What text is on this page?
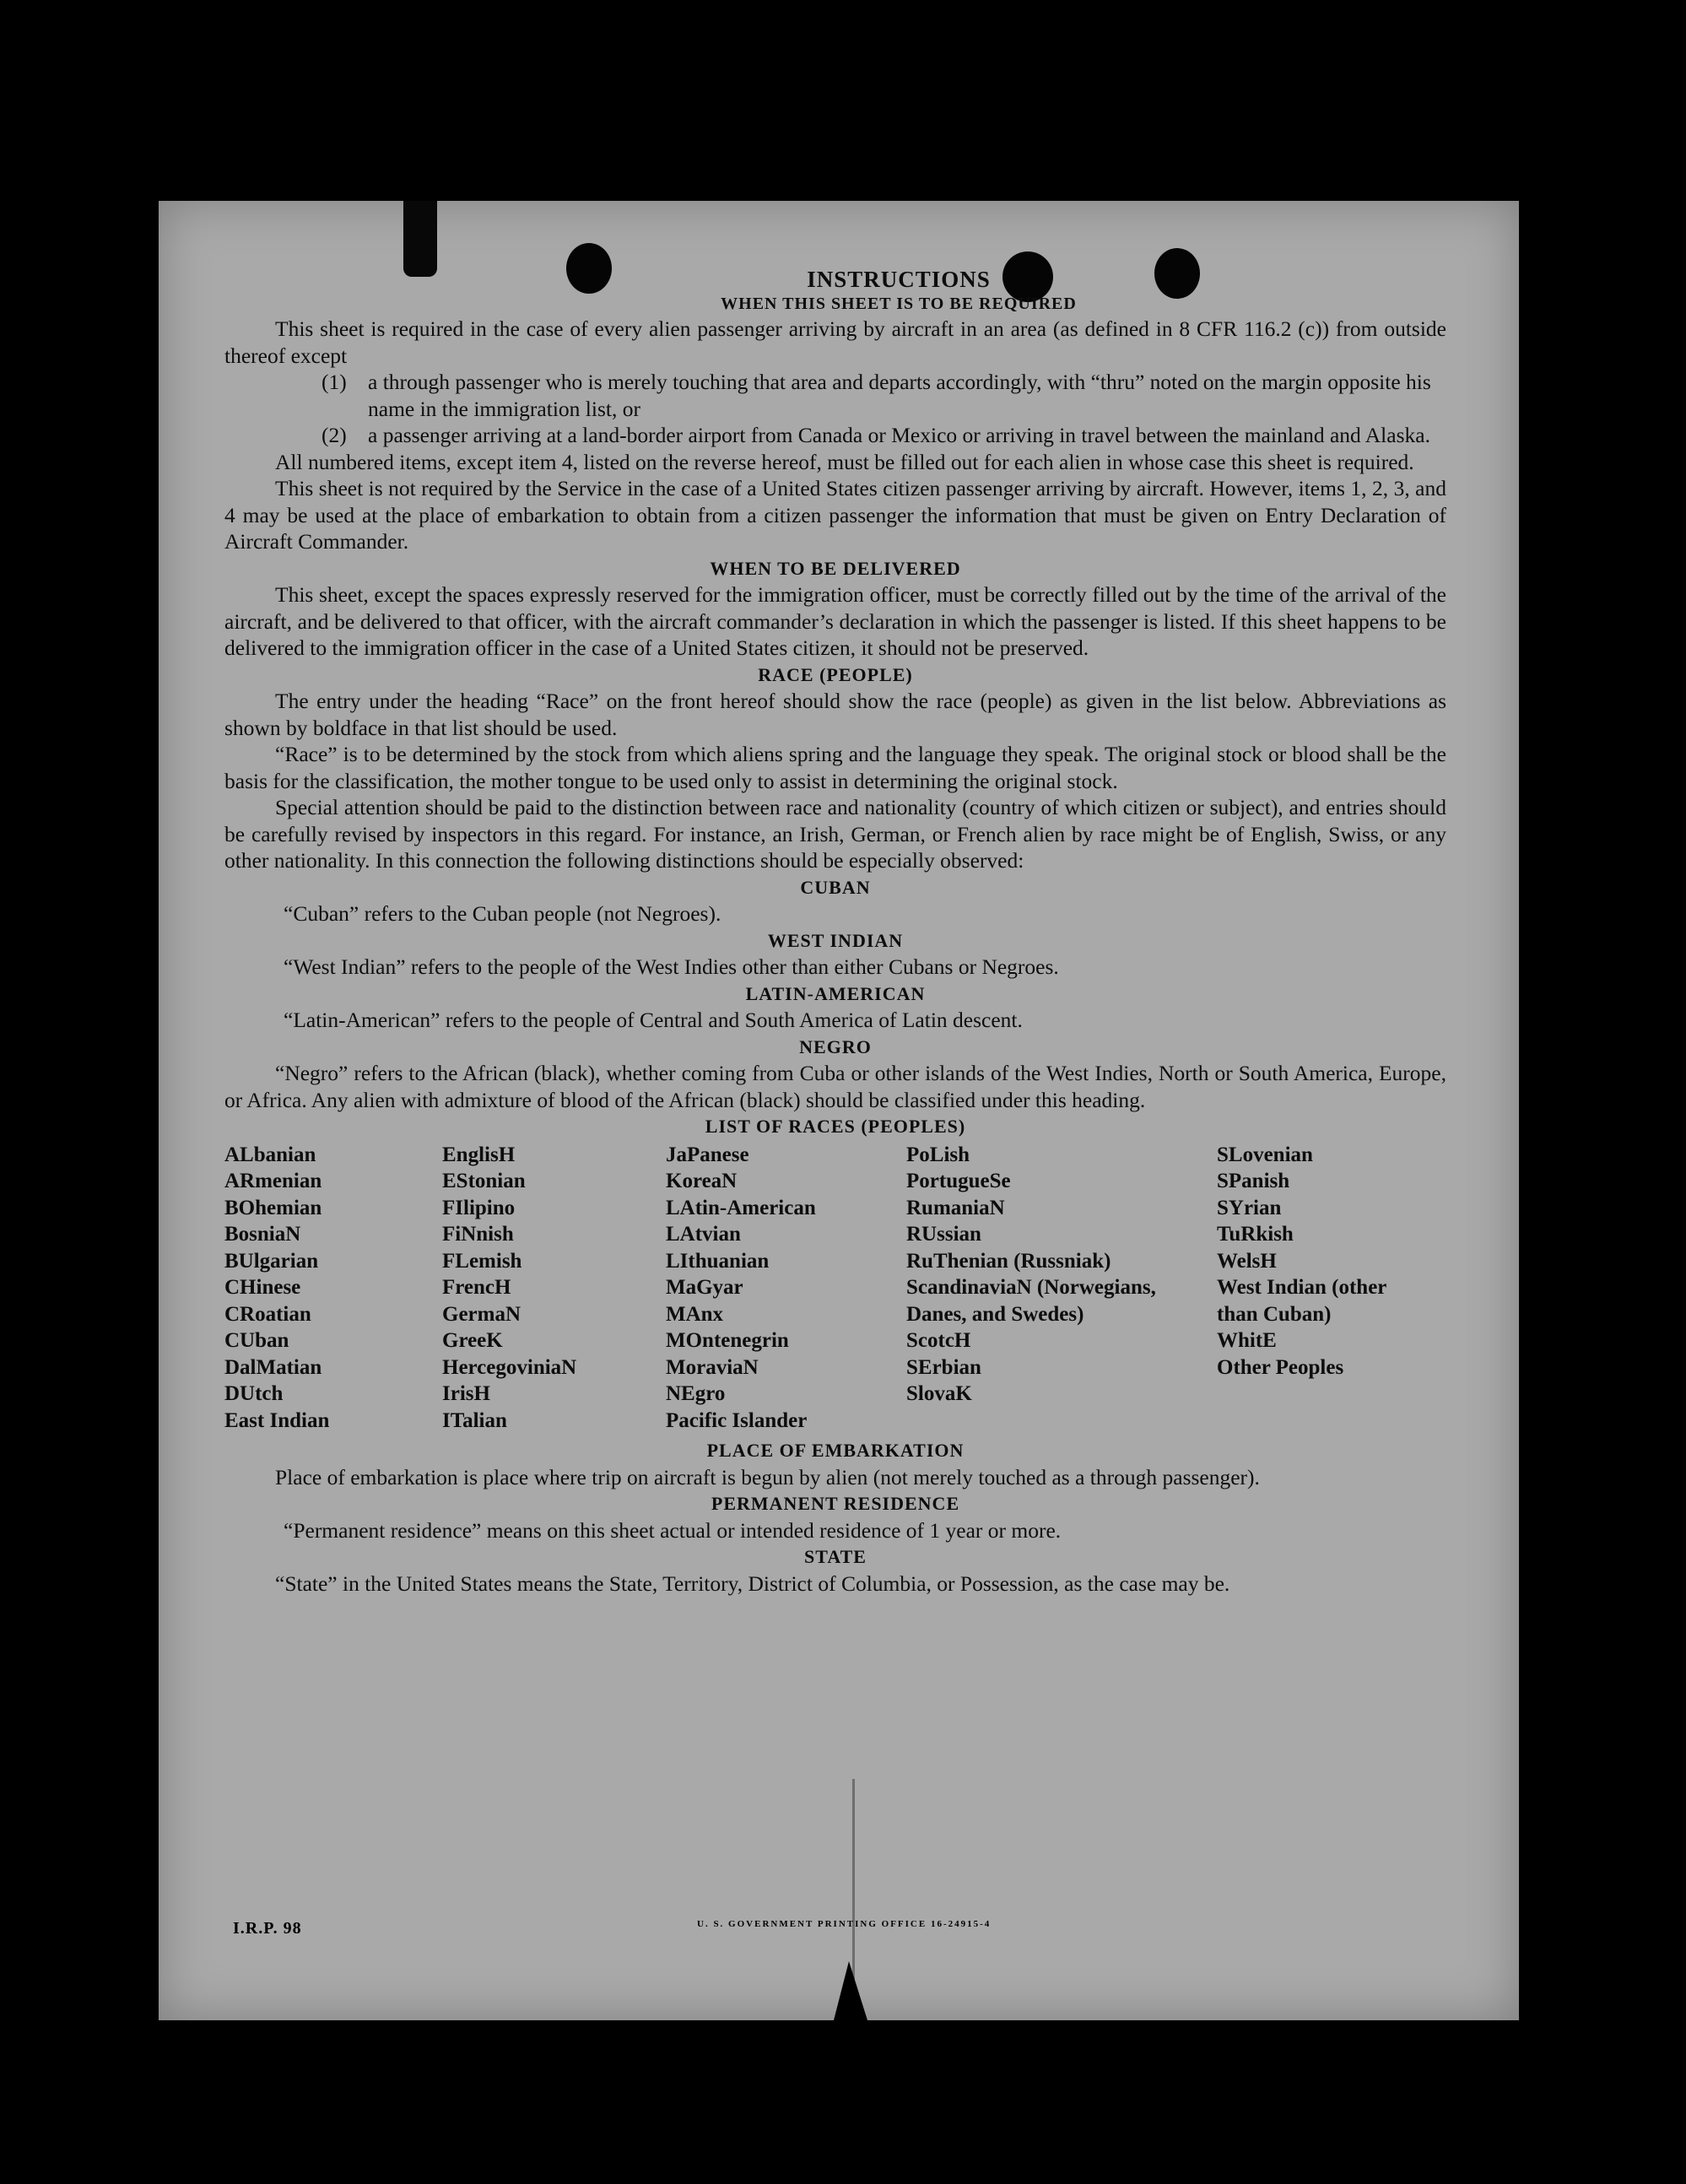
INSTRUCTIONS
WHEN THIS SHEET IS TO BE REQUIRED

This sheet is required in the case of every alien passenger arriving by aircraft in an area (as defined in 8 CFR 116.2 (c)) from outside thereof except

(1) a through passenger who is merely touching that area and departs accordingly, with “thru” noted on the margin opposite his name in the immigration list, or
(2) a passenger arriving at a land-border airport from Canada or Mexico or arriving in travel between the mainland and Alaska.

All numbered items, except item 4, listed on the reverse hereof, must be filled out for each alien in whose case this sheet is required.

This sheet is not required by the Service in the case of a United States citizen passenger arriving by aircraft. However, items 1, 2, 3, and 4 may be used at the place of embarkation to obtain from a citizen passenger the information that must be given on Entry Declaration of Aircraft Commander.

WHEN TO BE DELIVERED

This sheet, except the spaces expressly reserved for the immigration officer, must be correctly filled out by the time of the arrival of the aircraft, and be delivered to that officer, with the aircraft commander’s declaration in which the passenger is listed. If this sheet happens to be delivered to the immigration officer in the case of a United States citizen, it should not be preserved.

RACE (PEOPLE)

The entry under the heading “Race” on the front hereof should show the race (people) as given in the list below. Abbreviations as shown by boldface in that list should be used.

“Race” is to be determined by the stock from which aliens spring and the language they speak. The original stock or blood shall be the basis for the classification, the mother tongue to be used only to assist in determining the original stock.

Special attention should be paid to the distinction between race and nationality (country of which citizen or subject), and entries should be carefully revised by inspectors in this regard. For instance, an Irish, German, or French alien by race might be of English, Swiss, or any other nationality. In this connection the following distinctions should be especially observed:

CUBAN

“Cuban” refers to the Cuban people (not Negroes).

WEST INDIAN

“West Indian” refers to the people of the West Indies other than either Cubans or Negroes.

LATIN-AMERICAN

“Latin-American” refers to the people of Central and South America of Latin descent.

NEGRO

“Negro” refers to the African (black), whether coming from Cuba or other islands of the West Indies, North or South America, Europe, or Africa. Any alien with admixture of blood of the African (black) should be classified under this heading.

LIST OF RACES (PEOPLES)
ALbanian
ARmenian
BOhemian
BosniaN
BUlgarian
CHinese
CRoatian
CUban
DalMatian
DUtch
East Indian
EnglisH
EStonian
FIlipino
FiNnish
FLemish
FrencH
GermaN
GreeK
HercegoviniaN
IrisH
ITalian
JaPanese
KoreaN
LAtin-American
LAtvian
LIthuanian
MaGyar
MAnx
MOntenegrin
MoraviaN
NEgro
Pacific Islander
PoLish
PortugueSe
RumaniaN
RUssian
RuThenian (Russniak)
ScandinaviaN (Norwegians, Danes, and Swedes)
ScotcH
SErbian
SlovaK
SLovenian
SPanish
SYrian
TuRkish
WelsH
West Indian (other than Cuban)
WhitE
Other Peoples
PLACE OF EMBARKATION

Place of embarkation is place where trip on aircraft is begun by alien (not merely touched as a through passenger).

PERMANENT RESIDENCE

“Permanent residence” means on this sheet actual or intended residence of 1 year or more.

STATE

“State” in the United States means the State, Territory, District of Columbia, or Possession, as the case may be.

I.R.P. 98	U. S. GOVERNMENT PRINTING OFFICE 16-24915-4
